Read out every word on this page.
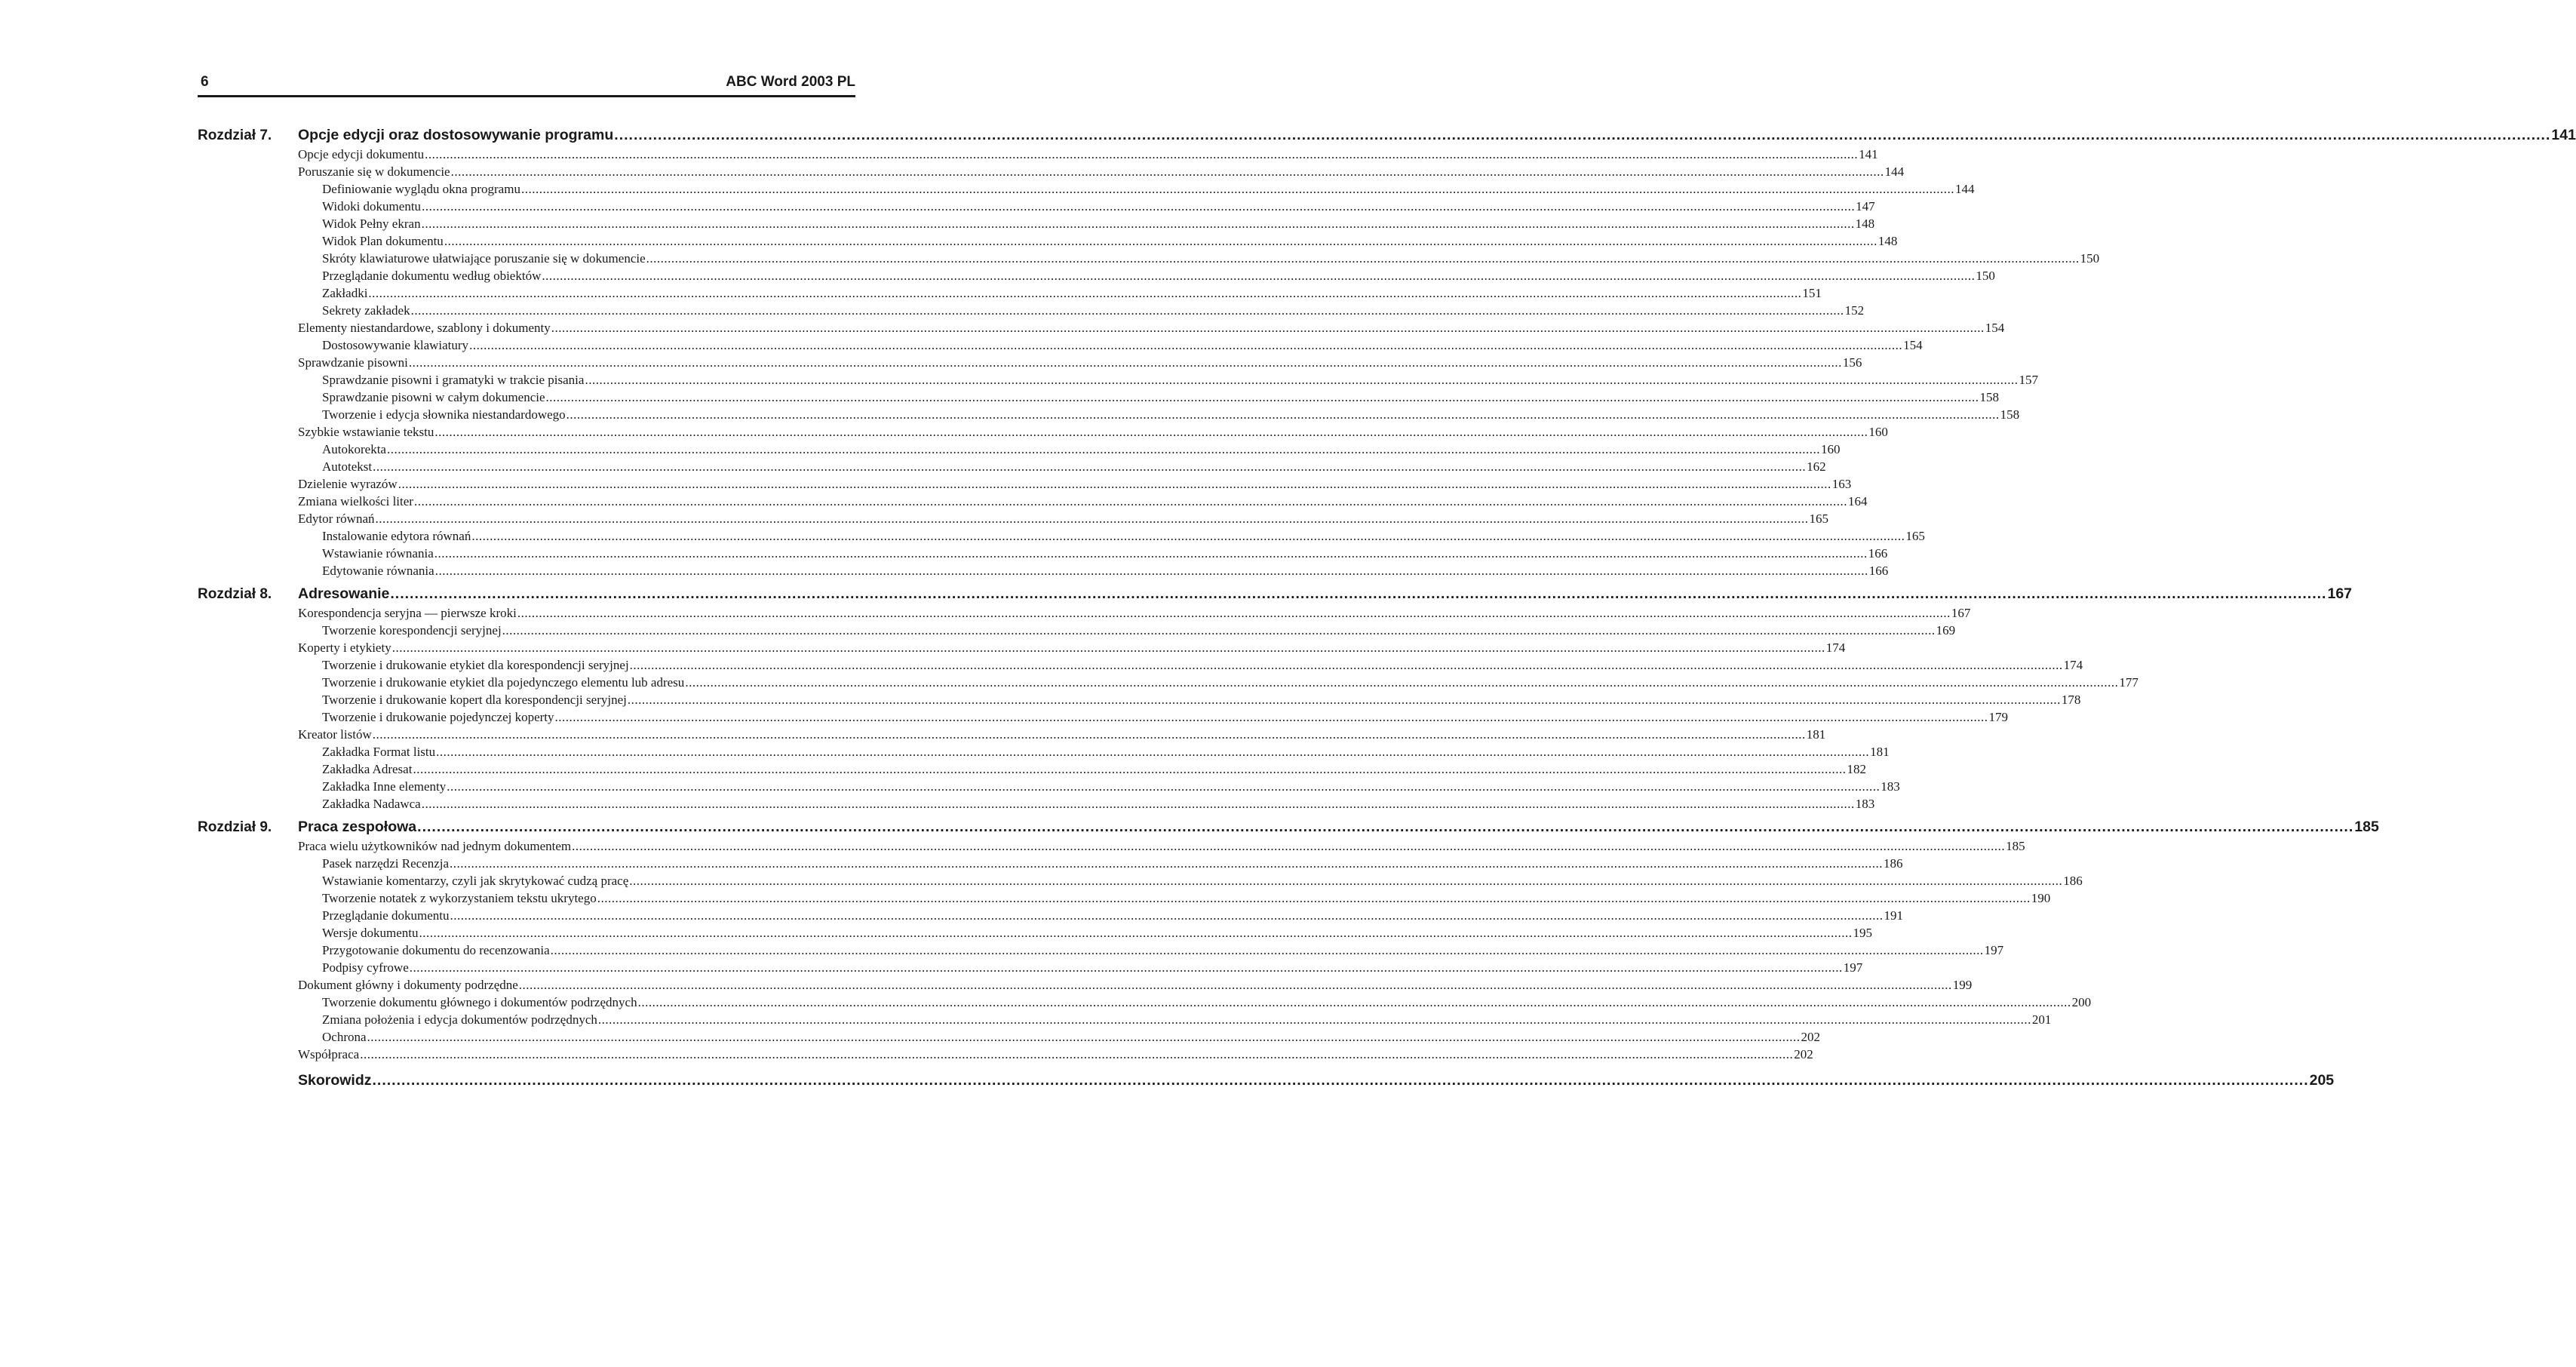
6	ABC Word 2003 PL
Rozdział 7.	Opcje edycji oraz dostosowywanie programu ................................................................................................................................................................................................................................................................................................................................................................................................................ 141
Opcje edycji dokumentu ................................................................................................................................................................................................................................................................................................................................................................................................................ 141
Poruszanie się w dokumencie ................................................................................................................................................................................................................................................................................................................................................................................................................ 144
Definiowanie wyglądu okna programu ................................................................................................................................................................................................................................................................................................................................................................................................................ 144
Widoki dokumentu ................................................................................................................................................................................................................................................................................................................................................................................................................ 147
Widok Pełny ekran ................................................................................................................................................................................................................................................................................................................................................................................................................ 148
Widok Plan dokumentu ................................................................................................................................................................................................................................................................................................................................................................................................................ 148
Skróty klawiaturowe ułatwiające poruszanie się w dokumencie ................................................................................................................................................................................................................................................................................................................................................................................................................ 150
Przeglądanie dokumentu według obiektów ................................................................................................................................................................................................................................................................................................................................................................................................................ 150
Zakładki ................................................................................................................................................................................................................................................................................................................................................................................................................ 151
Sekrety zakładek ................................................................................................................................................................................................................................................................................................................................................................................................................ 152
Elementy niestandardowe, szablony i dokumenty ................................................................................................................................................................................................................................................................................................................................................................................................................ 154
Dostosowywanie klawiatury ................................................................................................................................................................................................................................................................................................................................................................................................................ 154
Sprawdzanie pisowni ................................................................................................................................................................................................................................................................................................................................................................................................................ 156
Sprawdzanie pisowni i gramatyki w trakcie pisania ................................................................................................................................................................................................................................................................................................................................................................................................................ 157
Sprawdzanie pisowni w całym dokumencie ................................................................................................................................................................................................................................................................................................................................................................................................................ 158
Tworzenie i edycja słownika niestandardowego ................................................................................................................................................................................................................................................................................................................................................................................................................ 158
Szybkie wstawianie tekstu ................................................................................................................................................................................................................................................................................................................................................................................................................ 160
Autokorekta ................................................................................................................................................................................................................................................................................................................................................................................................................ 160
Autotekst ................................................................................................................................................................................................................................................................................................................................................................................................................ 162
Dzielenie wyrazów ................................................................................................................................................................................................................................................................................................................................................................................................................ 163
Zmiana wielkości liter ................................................................................................................................................................................................................................................................................................................................................................................................................ 164
Edytor równań ................................................................................................................................................................................................................................................................................................................................................................................................................ 165
Instalowanie edytora równań ................................................................................................................................................................................................................................................................................................................................................................................................................ 165
Wstawianie równania ................................................................................................................................................................................................................................................................................................................................................................................................................ 166
Edytowanie równania ................................................................................................................................................................................................................................................................................................................................................................................................................ 166
Rozdział 8.	Adresowanie ................................................................................................................................................................................................................................................................................................................................................................................................................ 167
Korespondencja seryjna — pierwsze kroki ................................................................................................................................................................................................................................................................................................................................................................................................................ 167
Tworzenie korespondencji seryjnej ................................................................................................................................................................................................................................................................................................................................................................................................................ 169
Koperty i etykiety ................................................................................................................................................................................................................................................................................................................................................................................................................ 174
Tworzenie i drukowanie etykiet dla korespondencji seryjnej ................................................................................................................................................................................................................................................................................................................................................................................................................ 174
Tworzenie i drukowanie etykiet dla pojedynczego elementu lub adresu ................................................................................................................................................................................................................................................................................................................................................................................................................ 177
Tworzenie i drukowanie kopert dla korespondencji seryjnej ................................................................................................................................................................................................................................................................................................................................................................................................................ 178
Tworzenie i drukowanie pojedynczej koperty ................................................................................................................................................................................................................................................................................................................................................................................................................ 179
Kreator listów ................................................................................................................................................................................................................................................................................................................................................................................................................ 181
Zakładka Format listu ................................................................................................................................................................................................................................................................................................................................................................................................................ 181
Zakładka Adresat ................................................................................................................................................................................................................................................................................................................................................................................................................ 182
Zakładka Inne elementy ................................................................................................................................................................................................................................................................................................................................................................................................................ 183
Zakładka Nadawca ................................................................................................................................................................................................................................................................................................................................................................................................................ 183
Rozdział 9.	Praca zespołowa ................................................................................................................................................................................................................................................................................................................................................................................................................ 185
Praca wielu użytkowników nad jednym dokumentem ................................................................................................................................................................................................................................................................................................................................................................................................................ 185
Pasek narzędzi Recenzja ................................................................................................................................................................................................................................................................................................................................................................................................................ 186
Wstawianie komentarzy, czyli jak skrytykować cudzą pracę ................................................................................................................................................................................................................................................................................................................................................................................................................ 186
Tworzenie notatek z wykorzystaniem tekstu ukrytego ................................................................................................................................................................................................................................................................................................................................................................................................................ 190
Przeglądanie dokumentu ................................................................................................................................................................................................................................................................................................................................................................................................................ 191
Wersje dokumentu ................................................................................................................................................................................................................................................................................................................................................................................................................ 195
Przygotowanie dokumentu do recenzowania ................................................................................................................................................................................................................................................................................................................................................................................................................ 197
Podpisy cyfrowe ................................................................................................................................................................................................................................................................................................................................................................................................................ 197
Dokument główny i dokumenty podrzędne ................................................................................................................................................................................................................................................................................................................................................................................................................ 199
Tworzenie dokumentu głównego i dokumentów podrzędnych ................................................................................................................................................................................................................................................................................................................................................................................................................ 200
Zmiana położenia i edycja dokumentów podrzędnych ................................................................................................................................................................................................................................................................................................................................................................................................................ 201
Ochrona ................................................................................................................................................................................................................................................................................................................................................................................................................ 202
Współpraca ................................................................................................................................................................................................................................................................................................................................................................................................................ 202
Skorowidz ................................................................................................................................................................................................................................................................................................................................................................................................................ 205
